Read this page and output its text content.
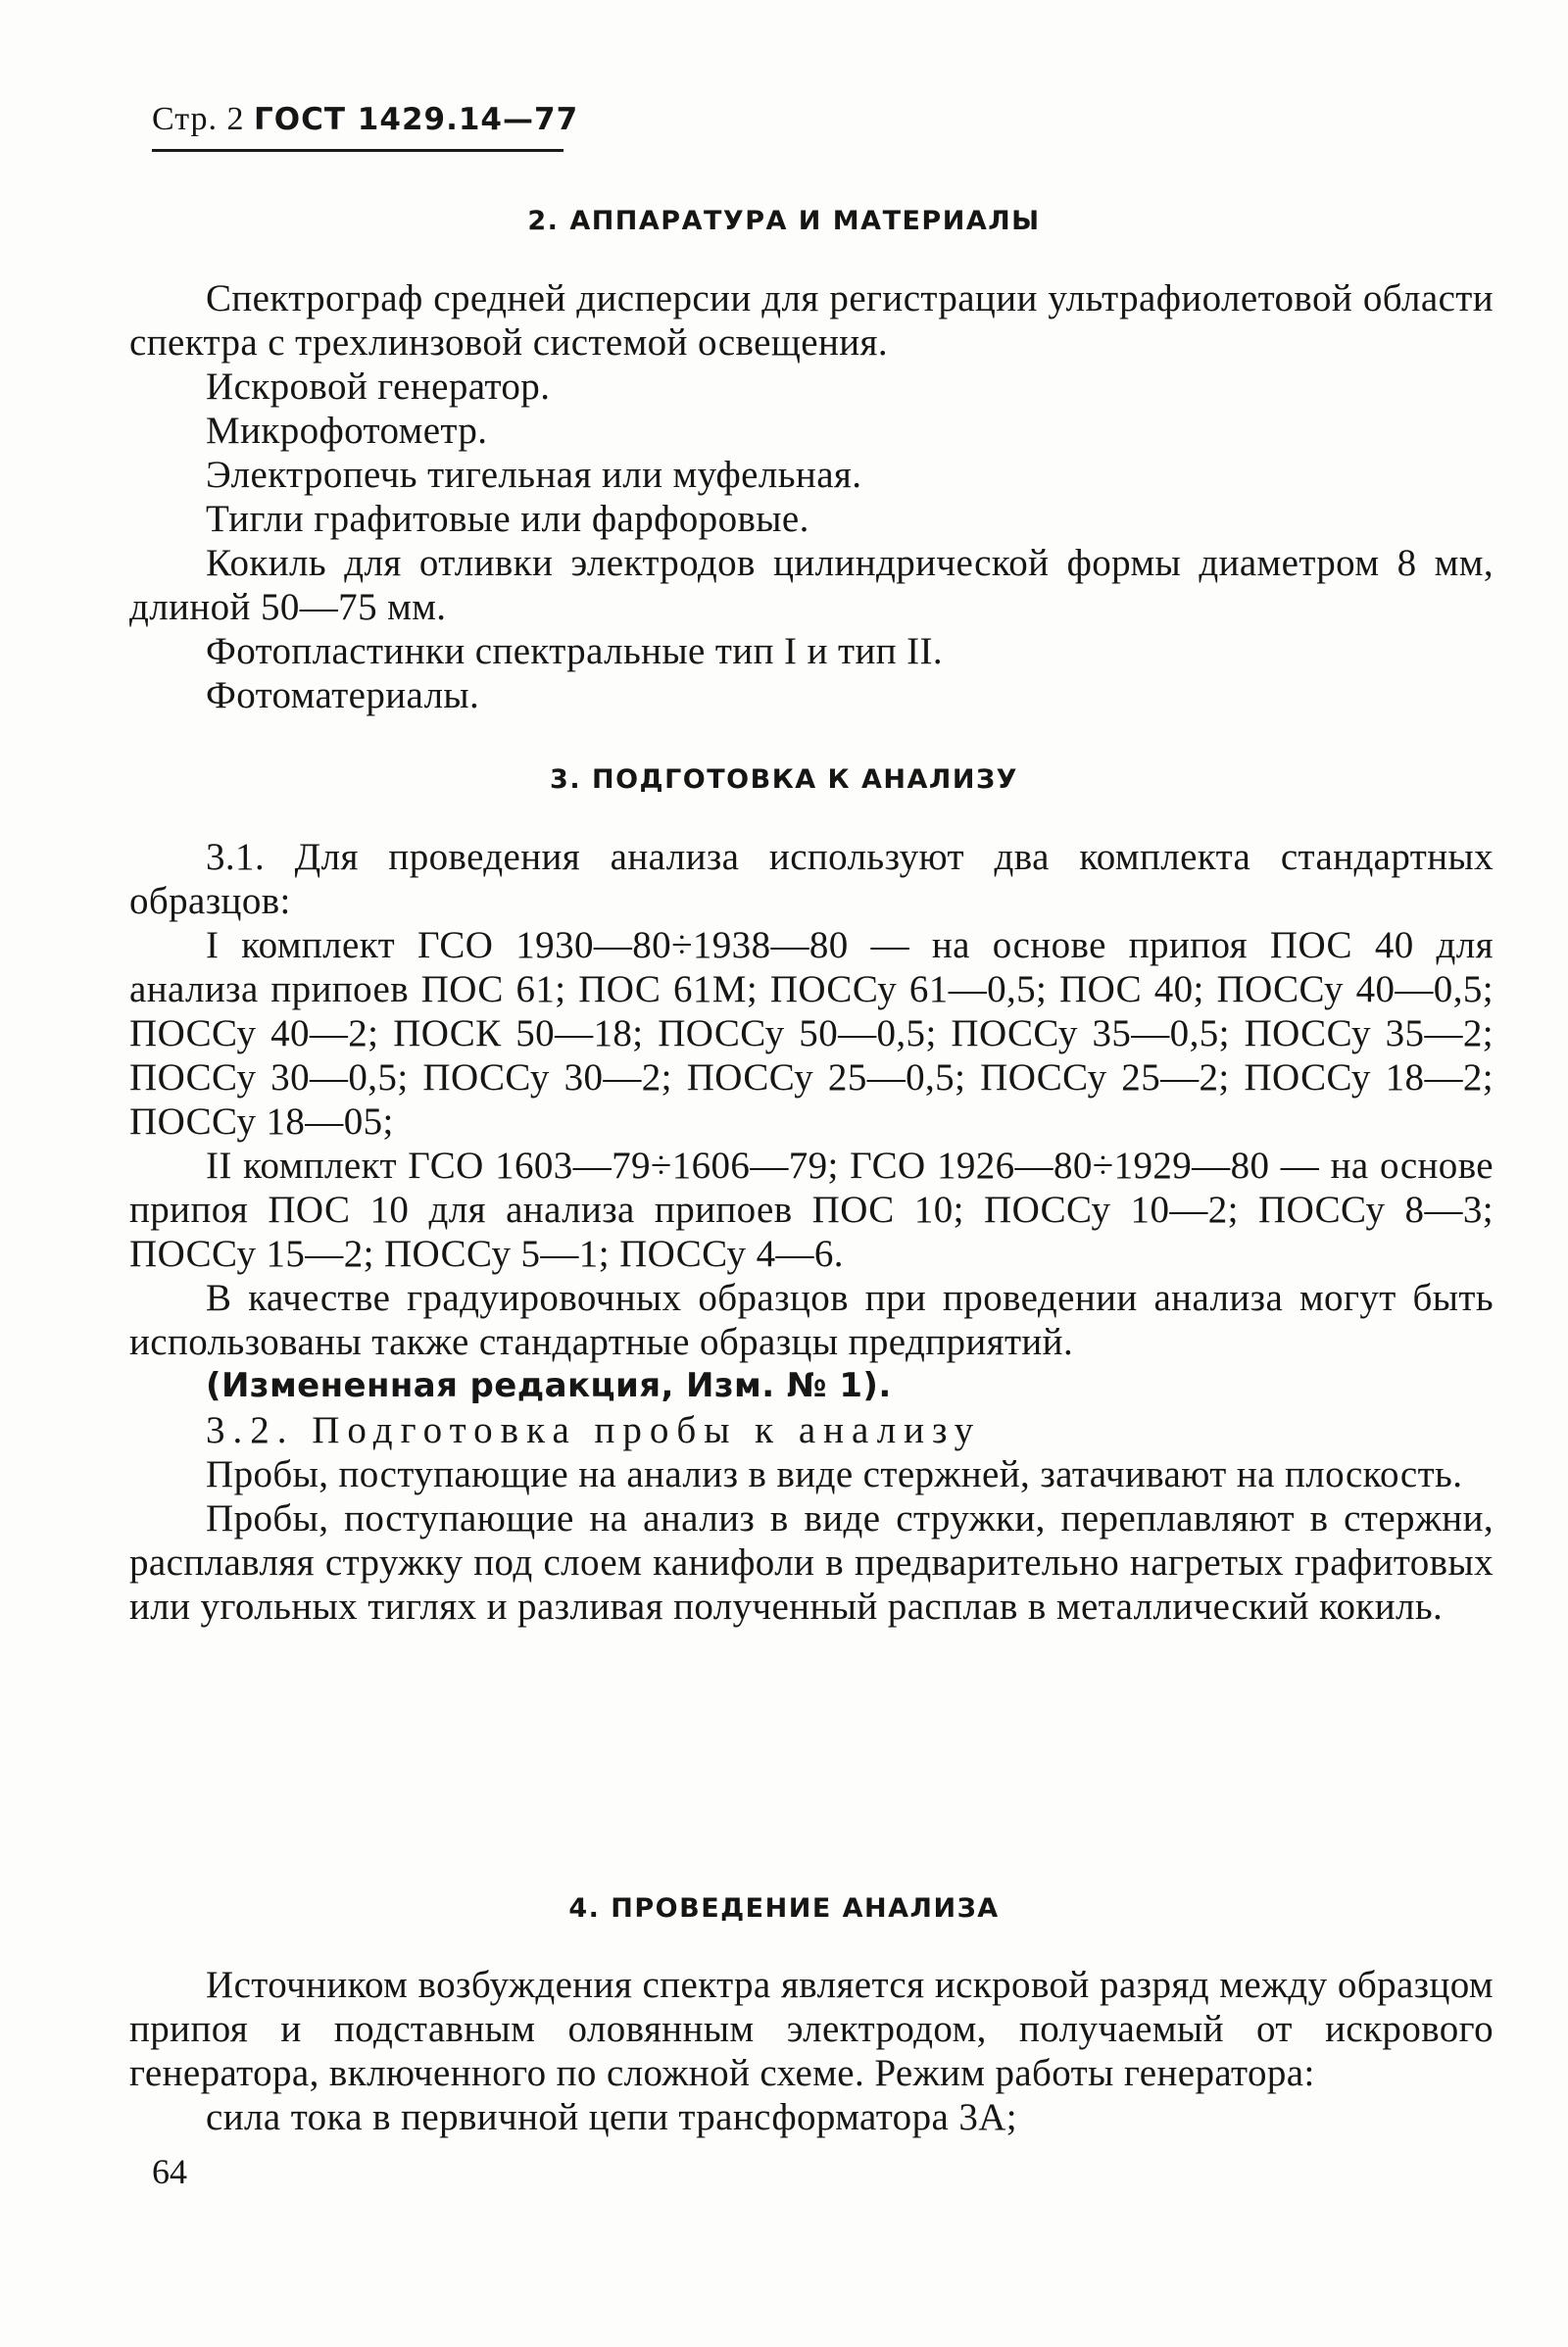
Стр. 2 ГОСТ 1429.14—77
2. АППАРАТУРА И МАТЕРИАЛЫ

Спектрограф средней дисперсии для регистрации ультрафиолетовой области спектра с трехлинзовой системой освещения.

Искровой генератор.

Микрофотометр.

Электропечь тигельная или муфельная.

Тигли графитовые или фарфоровые.

Кокиль для отливки электродов цилиндрической формы диаметром 8 мм, длиной 50—75 мм.

Фотопластинки спектральные тип I и тип II.

Фотоматериалы.

3. ПОДГОТОВКА К АНАЛИЗУ

3.1. Для проведения анализа используют два комплекта стандартных образцов:

I комплект ГСО 1930—80÷1938—80 — на основе припоя ПОС 40 для анализа припоев ПОС 61; ПОС 61М; ПОССу 61—0,5; ПОС 40; ПОССу 40—0,5; ПОССу 40—2; ПОСК 50—18; ПОССу 50—0,5; ПОССу 35—0,5; ПОССу 35—2; ПОССу 30—0,5; ПОССу 30—2; ПОССу 25—0,5; ПОССу 25—2; ПОССу 18—2; ПОССу 18—05;

II комплект ГСО 1603—79÷1606—79; ГСО 1926—80÷1929—80 — на основе припоя ПОС 10 для анализа припоев ПОС 10; ПОССу 10—2; ПОССу 8—3; ПОССу 15—2; ПОССу 5—1; ПОССу 4—6.

В качестве градуировочных образцов при проведении анализа могут быть использованы также стандартные образцы предприятий.

(Измененная редакция, Изм. № 1).

3.2. Подготовка пробы к анализу

Пробы, поступающие на анализ в виде стержней, затачивают на плоскость.

Пробы, поступающие на анализ в виде стружки, переплавляют в стержни, расплавляя стружку под слоем канифоли в предварительно нагретых графитовых или угольных тиглях и разливая полученный расплав в металлический кокиль.

4. ПРОВЕДЕНИЕ АНАЛИЗА

Источником возбуждения спектра является искровой разряд между образцом припоя и подставным оловянным электродом, получаемый от искрового генератора, включенного по сложной схеме. Режим работы генератора:

сила тока в первичной цепи трансформатора 3А;

64
